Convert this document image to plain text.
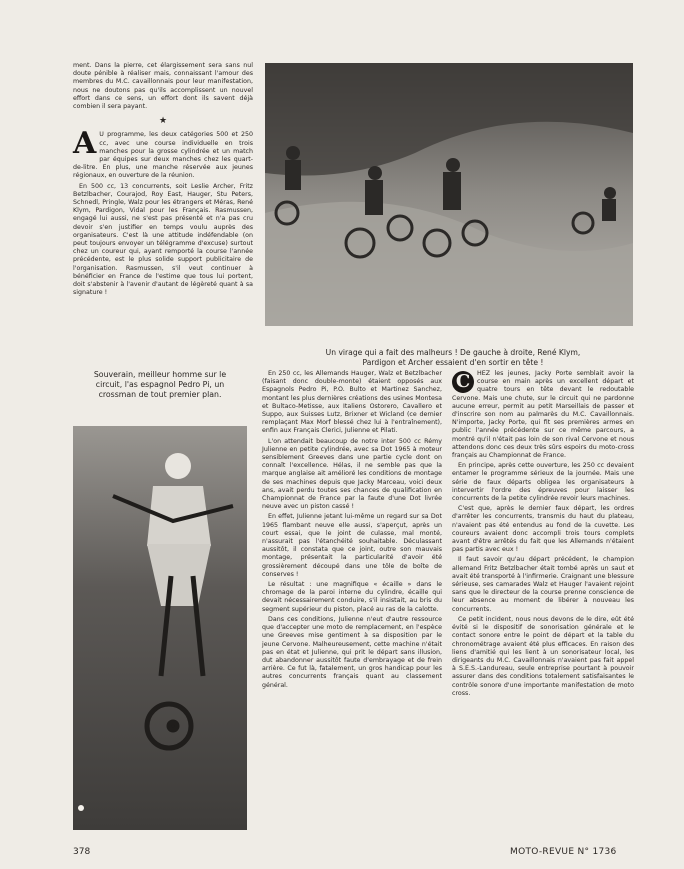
ment. Dans la pierre, cet élargissement sera sans nul doute pénible à réaliser mais, connaissant l'amour des membres du M.C. cavaillonnais pour leur manifestation, nous ne doutons pas qu'ils accomplissent un nouvel effort dans ce sens, un effort dont ils savent déjà combien il sera payant.

★

A U programme, les deux catégories 500 et 250 cc, avec une course individuelle en trois manches pour la grosse cylindrée et un match par équipes sur deux manches chez les quart-de-litre. En plus, une manche réservée aux jeunes régionaux, en ouverture de la réunion.

En 500 cc, 13 concurrents, soit Leslie Archer, Fritz Betzlbacher, Courajod, Roy East, Hauger, Stu Peters, Schnedl, Pringle, Walz pour les étrangers et Méras, René Klym, Pardigon, Vidal pour les Français. Rasmussen, engagé lui aussi, ne s'est pas présenté et n'a pas cru devoir s'en justifier en temps voulu auprès des organisateurs. C'est là une attitude indéfendable (on peut toujours envoyer un télégramme d'excuse) surtout chez un coureur qui, ayant remporté la course l'année précédente, est le plus solide support publicitaire de l'organisation. Rasmussen, s'il veut continuer à bénéficier en France de l'estime que tous lui portent, doit s'abstenir à l'avenir d'autant de légèreté quant à sa signature !

Un virage qui a fait des malheurs ! De gauche à droite, René Klym, Pardigon et Archer essaient d'en sortir en tête !
Souverain, meilleur homme sur le circuit, l'as espagnol Pedro Pi, un crossman de tout premier plan.

En 250 cc, les Allemands Hauger, Walz et Betzlbacher (faisant donc double-monte) étaient opposés aux Espagnols Pedro Pi, P.O. Bulto et Martinez Sanchez, montant les plus dernières créations des usines Montesa et Bultaco-Metisse, aux Italiens Ostorero, Cavallero et Suppo, aux Suisses Lutz, Brixner et Wicland (ce dernier remplaçant Max Morf blessé chez lui à l'entraînement), enfin aux Français Clerici, Julienne et Pilati.

L'on attendait beaucoup de notre inter 500 cc Rémy Julienne en petite cylindrée, avec sa Dot 1965 à moteur sensiblement Greeves dans une partie cycle dont on connaît l'excellence. Hélas, il ne semble pas que la marque anglaise ait amélioré les conditions de montage de ses machines depuis que Jacky Marceau, voici deux ans, avait perdu toutes ses chances de qualification en Championnat de France par la faute d'une Dot livrée neuve avec un piston cassé !

En effet, Julienne jetant lui-même un regard sur sa Dot 1965 flambant neuve elle aussi, s'aperçut, après un court essai, que le joint de culasse, mal monté, n'assurait pas l'étanchéité souhaitable. Déculassant aussitôt, il constata que ce joint, outre son mauvais montage, présentait la particularité d'avoir été grossièrement découpé dans une tôle de boîte de conserves !

Le résultat : une magnifique « écaille » dans le chromage de la paroi interne du cylindre, écaille qui devait nécessairement conduire, s'il insistait, au bris du segment supérieur du piston, placé au ras de la calotte.

Dans ces conditions, Julienne n'eut d'autre ressource que d'accepter une moto de remplacement, en l'espèce une Greeves mise gentiment à sa disposition par le jeune Cervone. Malheureusement, cette machine n'était pas en état et Julienne, qui prit le départ sans illusion, dut abandonner aussitôt faute d'embrayage et de frein arrière. Ce fut là, fatalement, un gros handicap pour les autres concurrents français quant au classement général.

C	HEZ les jeunes, Jacky Porte semblait avoir la course en main après un excellent départ et quatre tours en tête devant le redoutable Cervone. Mais une chute, sur le circuit qui ne pardonne aucune erreur, permit au petit Marseillais de passer et d'inscrire son nom au palmarès du M.C. Cavaillonnais. N'importe, Jacky Porte, qui fit ses premières armes en public l'année précédente sur ce même parcours, a montré qu'il n'était pas loin de son rival Cervone et nous attendons donc ces deux très sûrs espoirs du moto-cross français au Championnat de France.

En principe, après cette ouverture, les 250 cc devaient entamer le programme sérieux de la journée. Mais une série de faux départs obligea les organisateurs à intervertir l'ordre des épreuves pour laisser les concurrents de la petite cylindrée revoir leurs machines.

C'est que, après le dernier faux départ, les ordres d'arrêter les concurrents, transmis du haut du plateau, n'avaient pas été entendus au fond de la cuvette. Les coureurs avaient donc accompli trois tours complets avant d'être arrêtés du fait que les Allemands n'étaient pas partis avec eux !

Il faut savoir qu'au départ précédent, le champion allemand Fritz Betzlbacher était tombé après un saut et avait été transporté à l'infirmerie. Craignant une blessure sérieuse, ses camarades Walz et Hauger l'avaient rejoint sans que le directeur de la course prenne conscience de leur absence au moment de libérer à nouveau les concurrents.

Ce petit incident, nous nous devons de le dire, eût été évité si le dispositif de sonorisation générale et le contact sonore entre le point de départ et la table du chronométrage avaient été plus efficaces. En raison des liens d'amitié qui les lient à un sonorisateur local, les dirigeants du M.C. Cavaillonnais n'avaient pas fait appel à S.E.S.-Landureau, seule entreprise pourtant à pouvoir assurer dans des conditions totalement satisfaisantes le contrôle sonore d'une importante manifestation de moto cross.

378	MOTO-REVUE N° 1736
